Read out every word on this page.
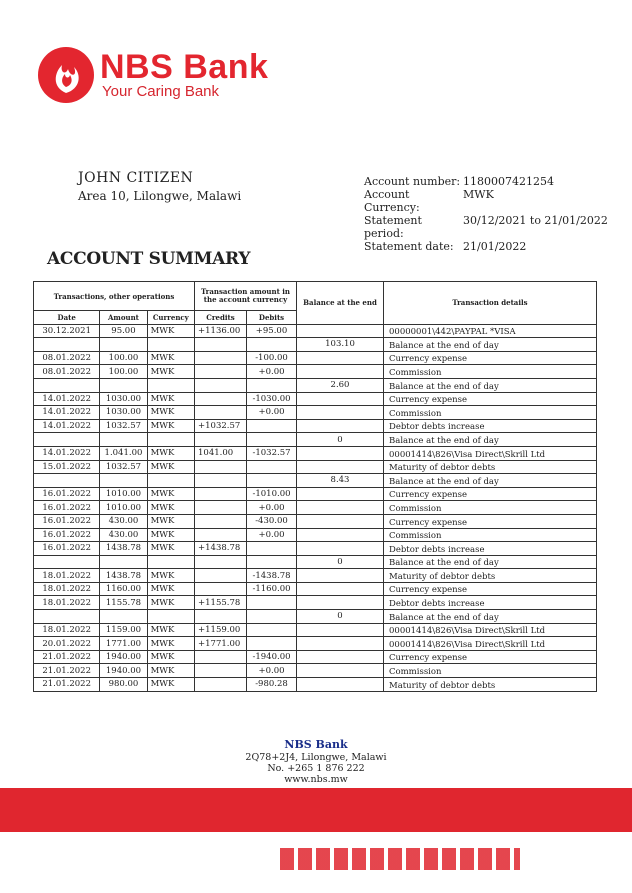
NBS Bank
Your Caring Bank
JOHN CITIZEN
Area 10, Lilongwe, Malawi
Account number: 1180007421254
Account Currency:
MWK
Statement period:
30/12/2021 to 21/01/2022
Statement date: 21/01/2022
ACCOUNT SUMMARY
Transactions, other operations			Transaction amount in the account currency		Balance at the end	Transaction details
Date	Amount	Currency	Credits	Debits		
30.12.2021	95.00	MWK	+1136.00	+95.00		00000001\442\PAYPAL *VISA
					103.10	Balance at the end of day
08.01.2022	100.00	MWK		-100.00		Currency expense
08.01.2022	100.00	MWK		+0.00		Commission
					2.60	Balance at the end of day
14.01.2022	1030.00	MWK		-1030.00		Currency expense
14.01.2022	1030.00	MWK		+0.00		Commission
14.01.2022	1032.57	MWK	+1032.57			Debtor debts increase
					0	Balance at the end of day
14.01.2022	1.041.00	MWK	1041.00	-1032.57		00001414\826\Visa Direct\Skrill Ltd
15.01.2022	1032.57	MWK				Maturity of debtor debts
					8.43	Balance at the end of day
16.01.2022	1010.00	MWK		-1010.00		Currency expense
16.01.2022	1010.00	MWK		+0.00		Commission
16.01.2022	430.00	MWK		-430.00		Currency expense
16.01.2022	430.00	MWK		+0.00		Commission
16.01.2022	1438.78	MWK	+1438.78			Debtor debts increase
					0	Balance at the end of day
18.01.2022	1438.78	MWK		-1438.78		Maturity of debtor debts
18.01.2022	1160.00	MWK		-1160.00		Currency expense
18.01.2022	1155.78	MWK	+1155.78			Debtor debts increase
					0	Balance at the end of day
18.01.2022	1159.00	MWK	+1159.00			00001414\826\Visa Direct\Skrill Ltd
20.01.2022	1771.00	MWK	+1771.00			00001414\826\Visa Direct\Skrill Ltd
21.01.2022	1940.00	MWK		-1940.00		Currency expense
21.01.2022	1940.00	MWK		+0.00		Commission
21.01.2022	980.00	MWK		-980.28		Maturity of debtor debts
NBS Bank
2Q78+2J4, Lilongwe, Malawi
No. +265 1 876 222
www.nbs.mw
